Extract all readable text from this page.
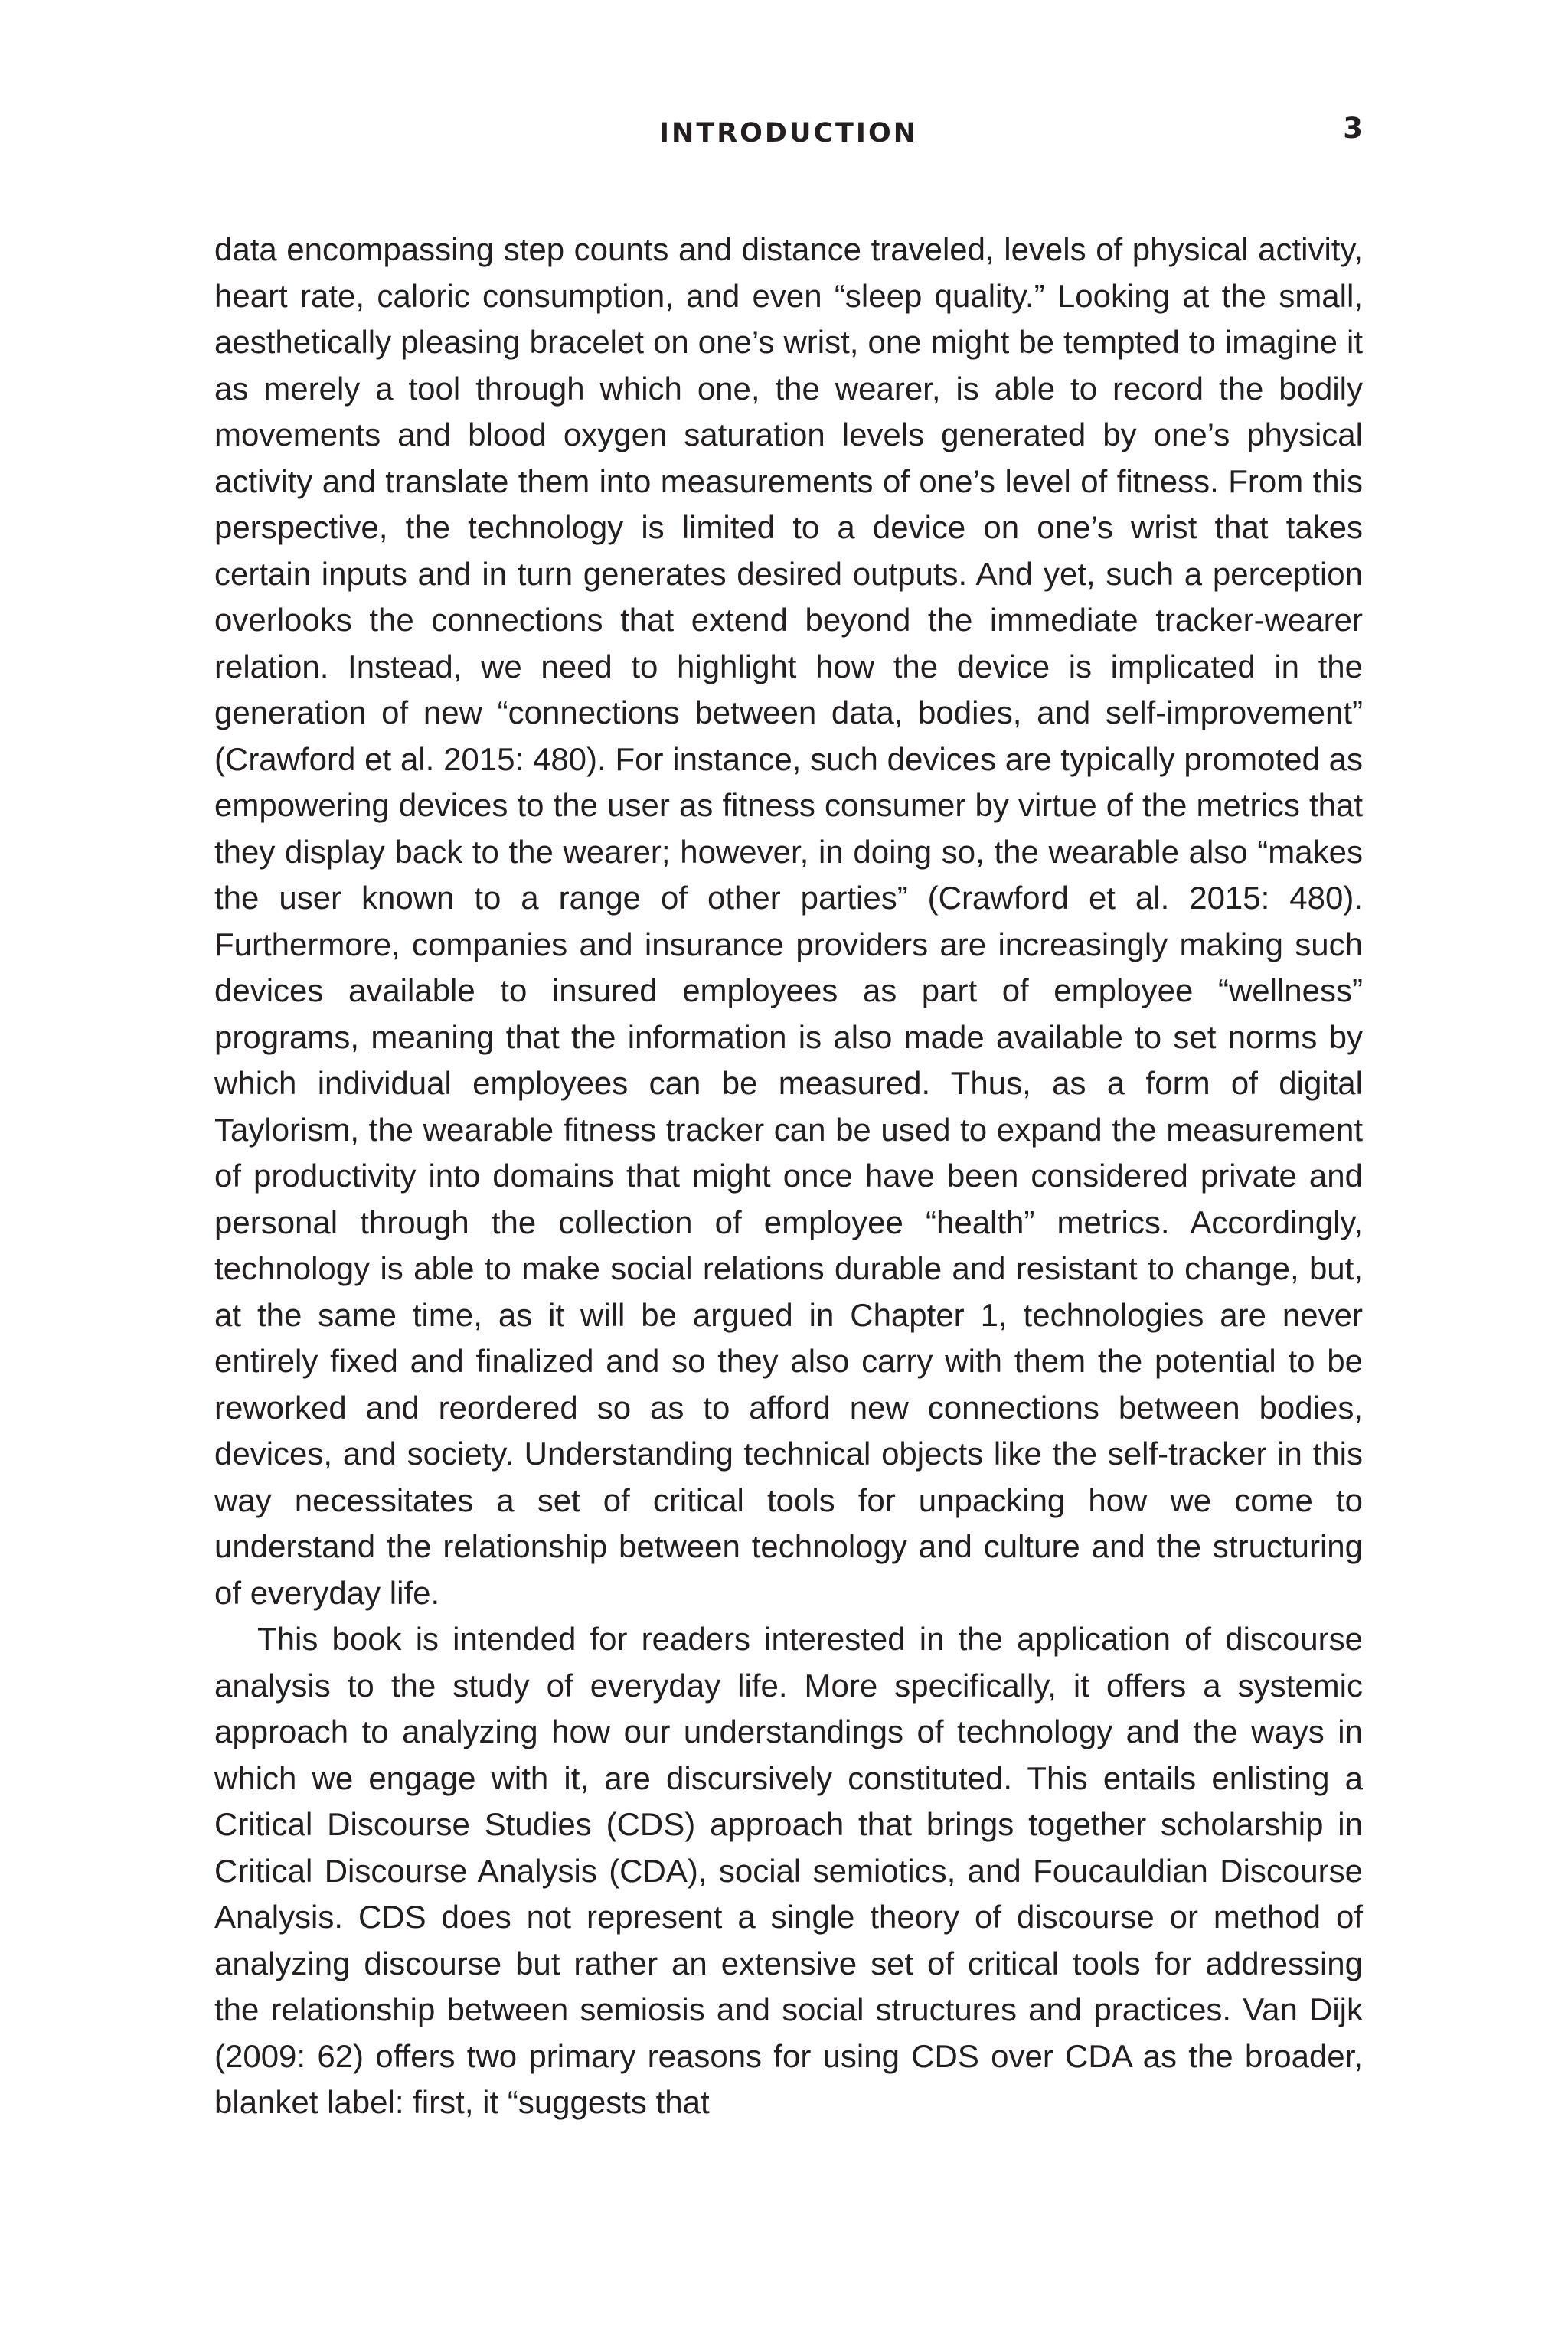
INTRODUCTION	3

data encompassing step counts and distance traveled, levels of physical activity, heart rate, caloric consumption, and even “sleep quality.” Looking at the small, aesthetically pleasing bracelet on one’s wrist, one might be tempted to imagine it as merely a tool through which one, the wearer, is able to record the bodily movements and blood oxygen saturation levels generated by one’s physical activity and translate them into measurements of one’s level of fitness. From this perspective, the technology is limited to a device on one’s wrist that takes certain inputs and in turn generates desired outputs. And yet, such a perception overlooks the connections that extend beyond the immediate tracker-wearer relation. Instead, we need to highlight how the device is implicated in the generation of new “connections between data, bodies, and self-improvement” (Crawford et al. 2015: 480). For instance, such devices are typically promoted as empowering devices to the user as fitness consumer by virtue of the metrics that they display back to the wearer; however, in doing so, the wearable also “makes the user known to a range of other parties” (Crawford et al. 2015: 480). Furthermore, companies and insurance providers are increasingly making such devices available to insured employees as part of employee “wellness” programs, meaning that the information is also made available to set norms by which individual employees can be measured. Thus, as a form of digital Taylorism, the wearable fitness tracker can be used to expand the measurement of productivity into domains that might once have been considered private and personal through the collection of employee “health” metrics. Accordingly, technology is able to make social relations durable and resistant to change, but, at the same time, as it will be argued in Chapter 1, technologies are never entirely fixed and finalized and so they also carry with them the potential to be reworked and reordered so as to afford new connections between bodies, devices, and society. Understanding technical objects like the self-tracker in this way necessitates a set of critical tools for unpacking how we come to understand the relationship between technology and culture and the structuring of everyday life.

This book is intended for readers interested in the application of discourse analysis to the study of everyday life. More specifically, it offers a systemic approach to analyzing how our understandings of technology and the ways in which we engage with it, are discursively constituted. This entails enlisting a Critical Discourse Studies (CDS) approach that brings together scholarship in Critical Discourse Analysis (CDA), social semiotics, and Foucauldian Discourse Analysis. CDS does not represent a single theory of discourse or method of analyzing discourse but rather an extensive set of critical tools for addressing the relationship between semiosis and social structures and practices. Van Dijk (2009: 62) offers two primary reasons for using CDS over CDA as the broader, blanket label: first, it “suggests that
